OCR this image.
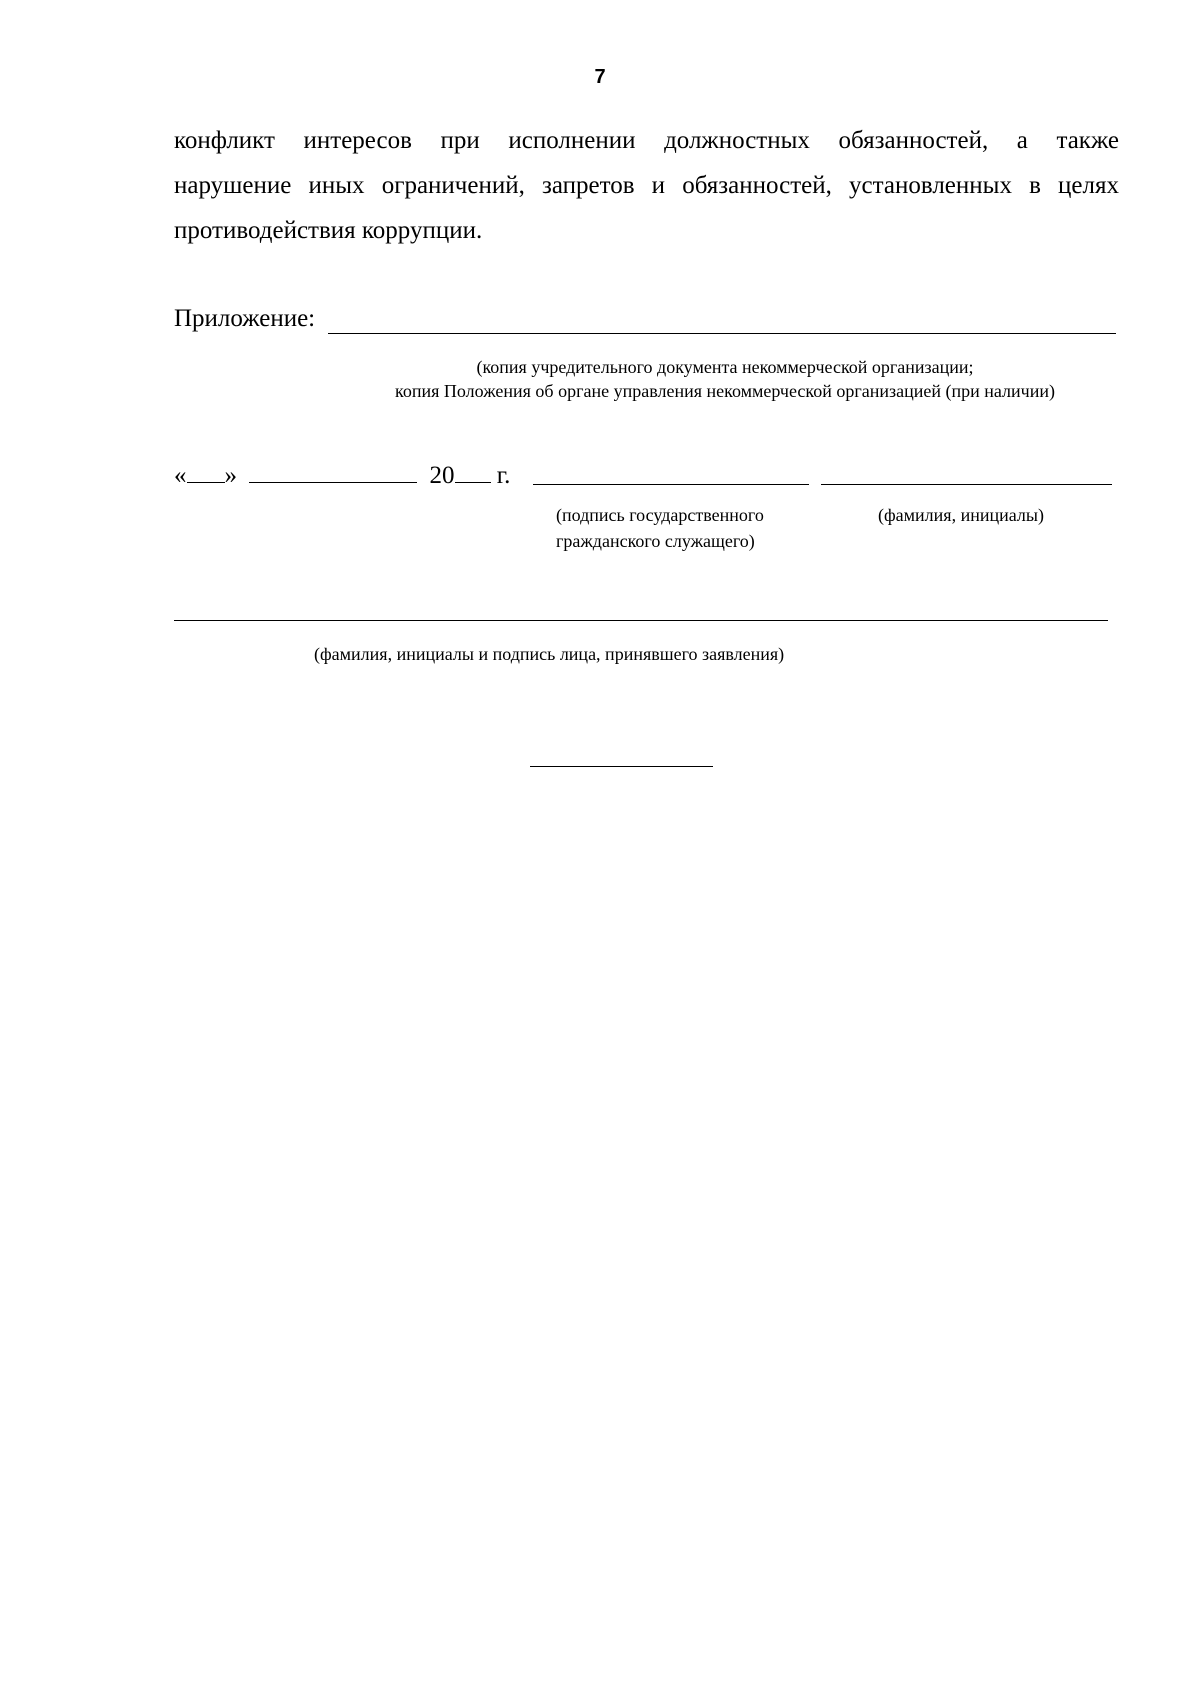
7
конфликт интересов при исполнении должностных обязанностей, а также
нарушение иных ограничений, запретов и обязанностей, установленных в целях
противодействия коррупции.
Приложение:
(копия учредительного документа некоммерческой организации;
копия Положения об органе управления некоммерческой организацией (при наличии)
« »	20 г.
(подпись государственного
гражданского служащего)
(фамилия, инициалы)
(фамилия, инициалы и подпись лица, принявшего заявления)
